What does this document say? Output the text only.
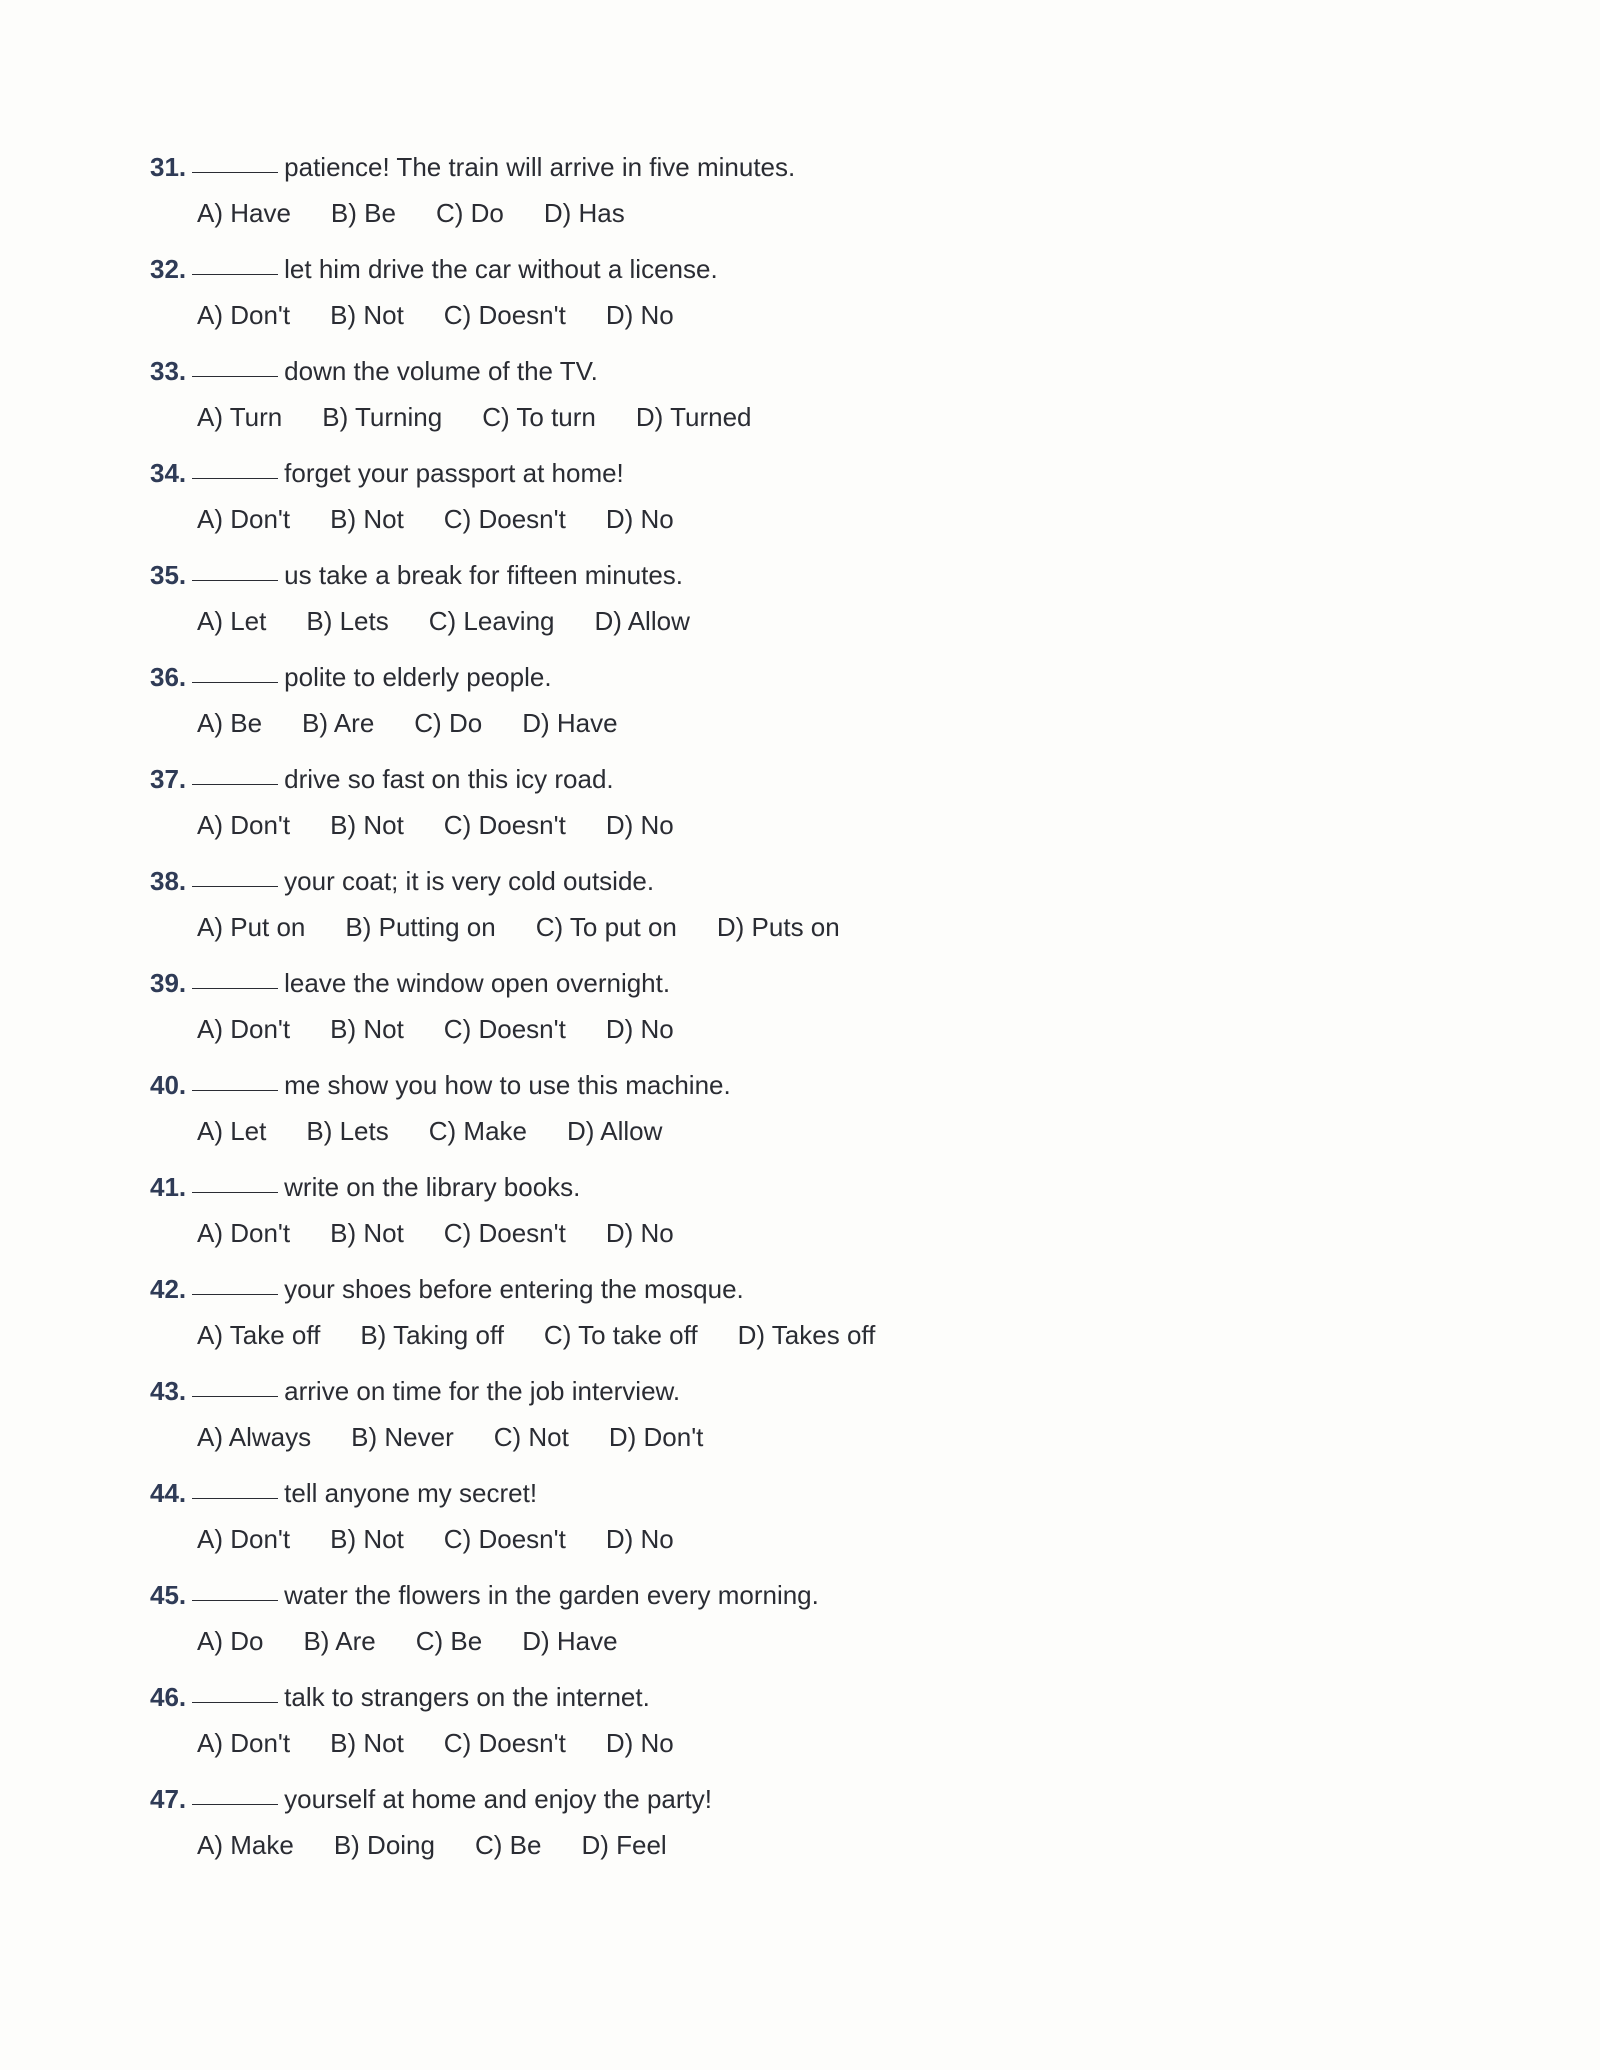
31.	patience! The train will arrive in five minutes.
A) Have B) Be C) Do D) Has
32.	let him drive the car without a license.
A) Don't B) Not C) Doesn't D) No
33.	down the volume of the TV.
A) Turn B) Turning C) To turn D) Turned
34.	forget your passport at home!
A) Don't B) Not C) Doesn't D) No
35.	us take a break for fifteen minutes.
A) Let B) Lets C) Leaving D) Allow
36.	polite to elderly people.
A) Be B) Are C) Do D) Have
37.	drive so fast on this icy road.
A) Don't B) Not C) Doesn't D) No
38.	your coat; it is very cold outside.
A) Put on B) Putting on C) To put on D) Puts on
39.	leave the window open overnight.
A) Don't B) Not C) Doesn't D) No
40.	me show you how to use this machine.
A) Let B) Lets C) Make D) Allow
41.	write on the library books.
A) Don't B) Not C) Doesn't D) No
42.	your shoes before entering the mosque.
A) Take off B) Taking off C) To take off D) Takes off
43.	arrive on time for the job interview.
A) Always B) Never C) Not D) Don't
44.	tell anyone my secret!
A) Don't B) Not C) Doesn't D) No
45.	water the flowers in the garden every morning.
A) Do B) Are C) Be D) Have
46.	talk to strangers on the internet.
A) Don't B) Not C) Doesn't D) No
47.	yourself at home and enjoy the party!
A) Make B) Doing C) Be D) Feel
